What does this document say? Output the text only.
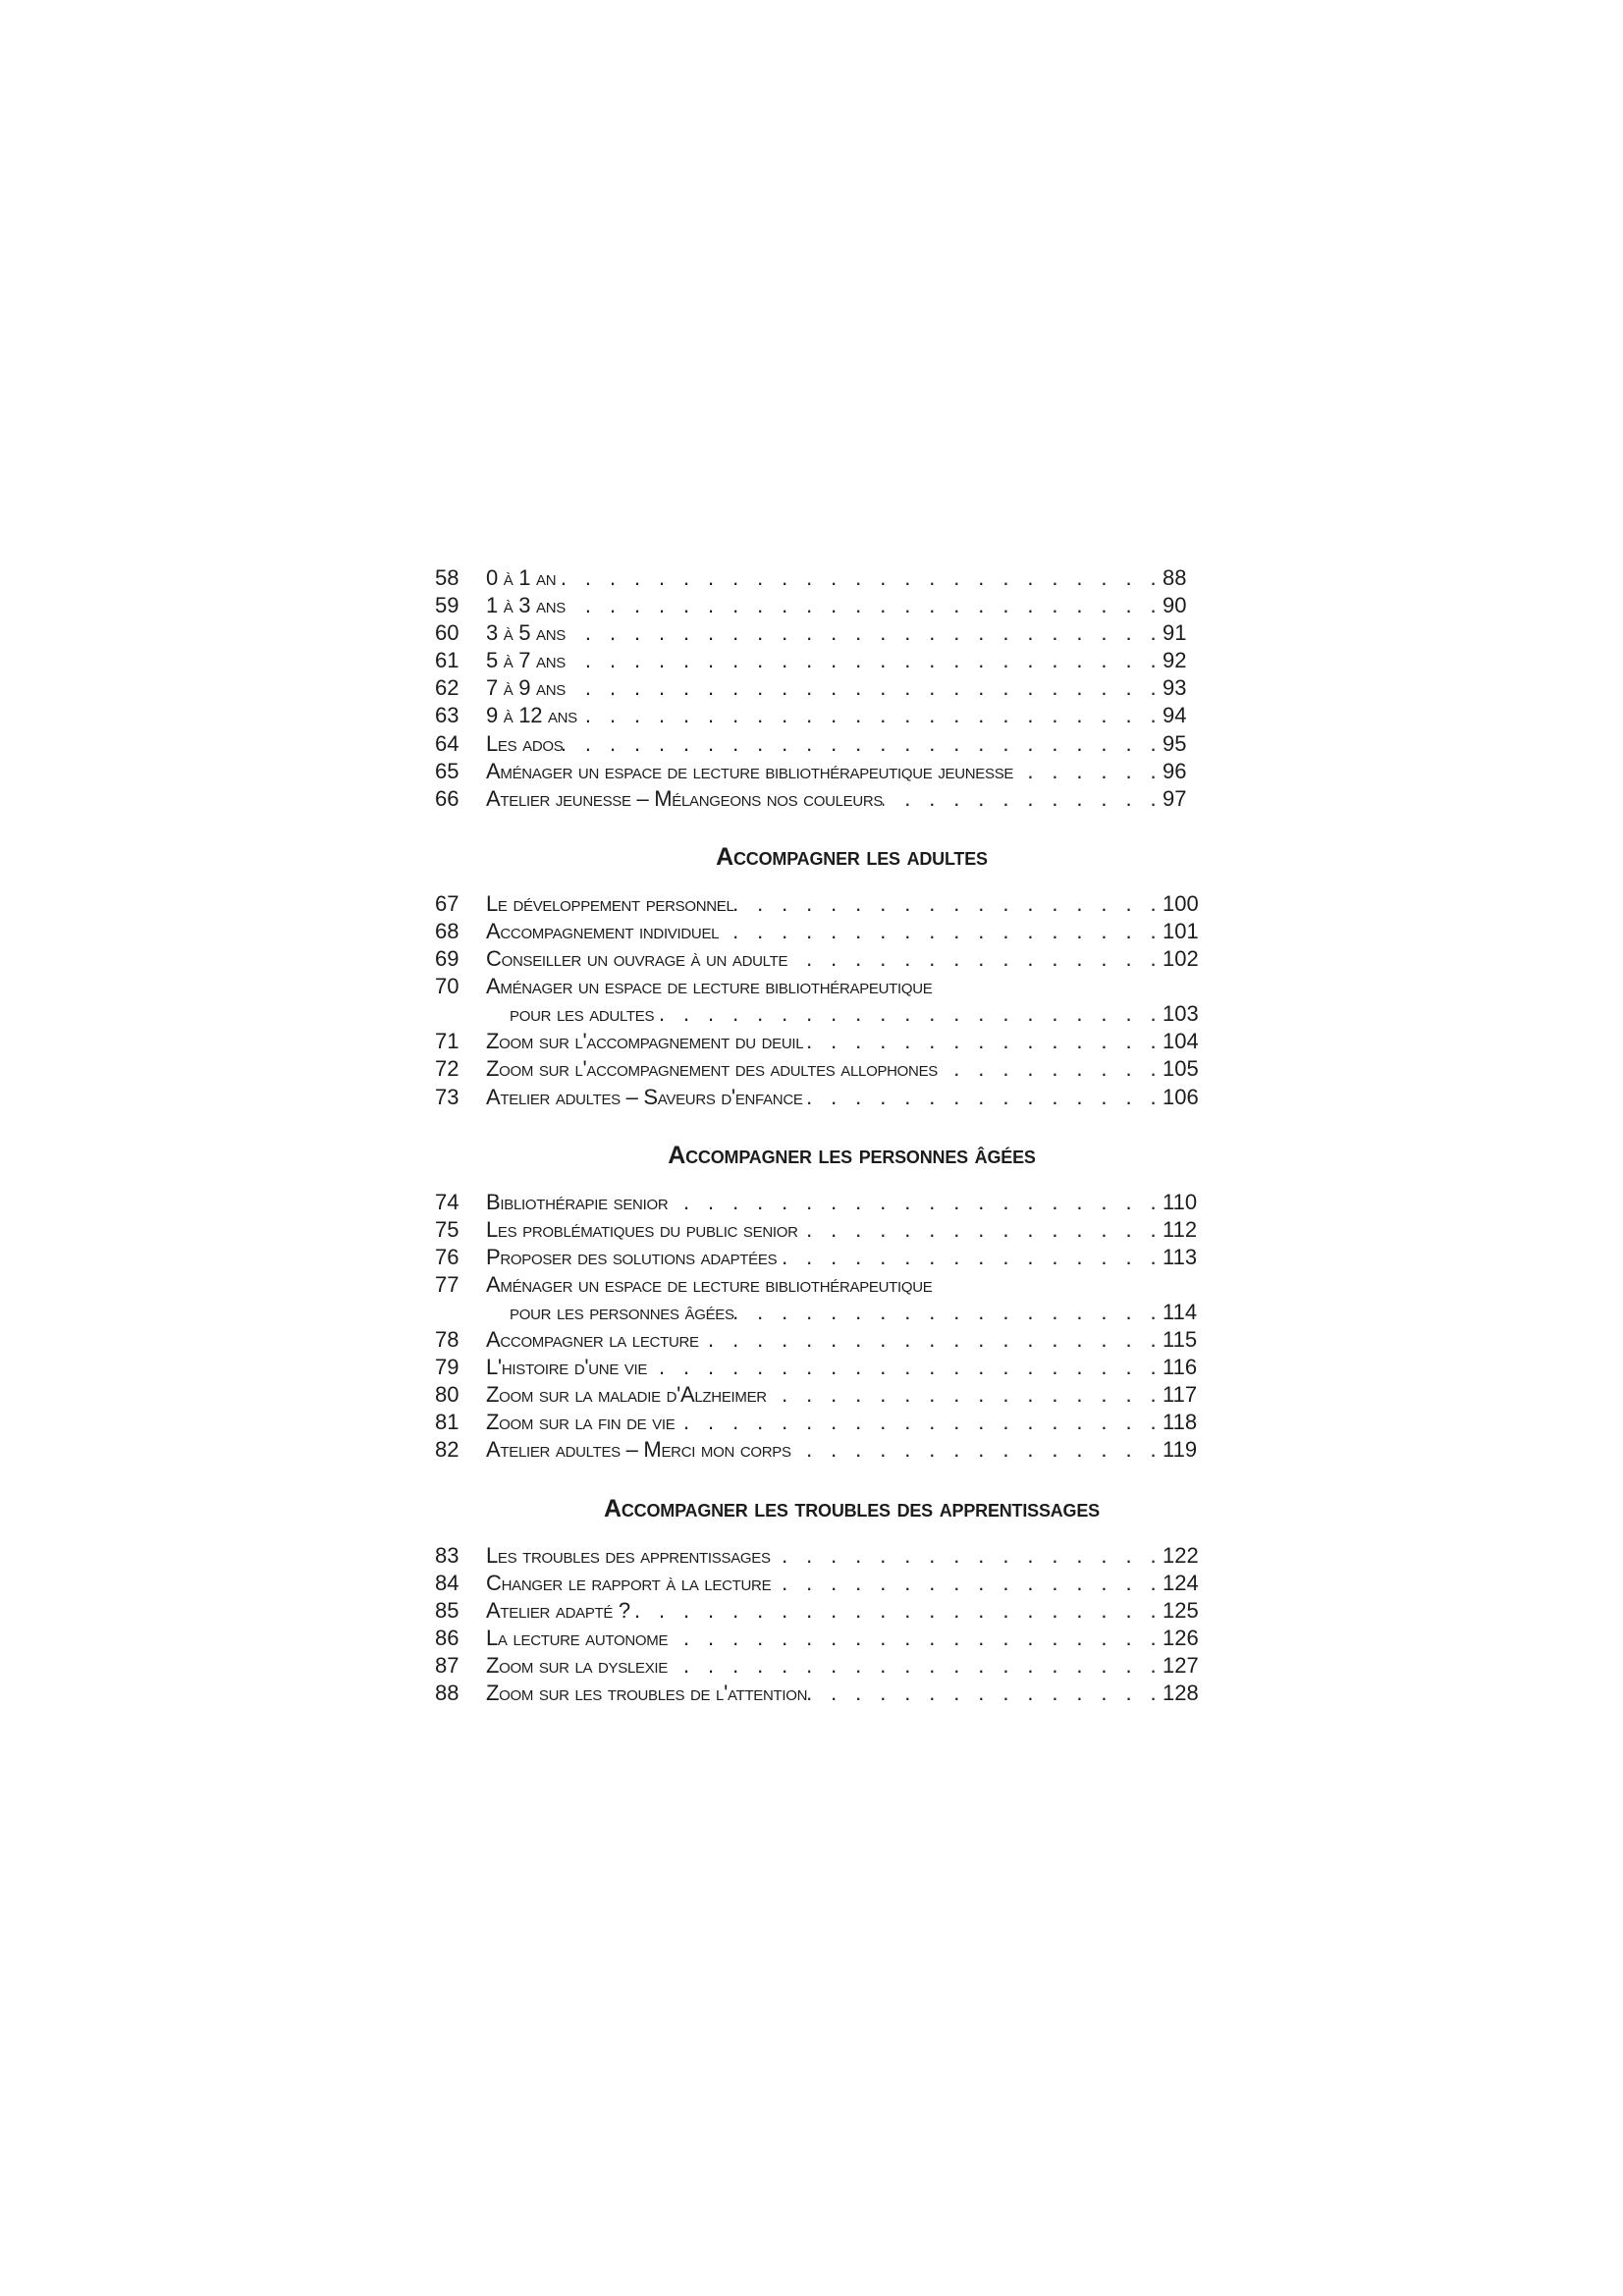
58	0 à 1 an . . .	88
59	1 à 3 ans . . .	90
60	3 à 5 ans . . .	91
61	5 à 7 ans . . .	92
62	7 à 9 ans . . .	93
63	9 à 12 ans . . .	94
64	Les ados . . .	95
65	Aménager un espace de lecture bibliothérapeutique jeunesse . . .	96
66	Atelier jeunesse – Mélangeons nos couleurs . . .	97
Accompagner les adultes
67	Le développement personnel . . .	100
68	Accompagnement individuel . . .	101
69	Conseiller un ouvrage à un adulte . . .	102
70	Aménager un espace de lecture bibliothérapeutique
pour les adultes . . .	103
71	Zoom sur l'accompagnement du deuil . . .	104
72	Zoom sur l'accompagnement des adultes allophones . . .	105
73	Atelier adultes – Saveurs d'enfance . . .	106
Accompagner les personnes âgées
74	Bibliothérapie senior . . .	110
75	Les problématiques du public senior . . .	112
76	Proposer des solutions adaptées . . .	113
77	Aménager un espace de lecture bibliothérapeutique
pour les personnes âgées . . .	114
78	Accompagner la lecture . . .	115
79	L'histoire d'une vie . . .	116
80	Zoom sur la maladie d'Alzheimer . . .	117
81	Zoom sur la fin de vie . . .	118
82	Atelier adultes – Merci mon corps . . .	119
Accompagner les troubles des apprentissages
83	Les troubles des apprentissages . . .	122
84	Changer le rapport à la lecture . . .	124
85	Atelier adapté ? . . .	125
86	La lecture autonome . . .	126
87	Zoom sur la dyslexie . . .	127
88	Zoom sur les troubles de l'attention . . .	128
